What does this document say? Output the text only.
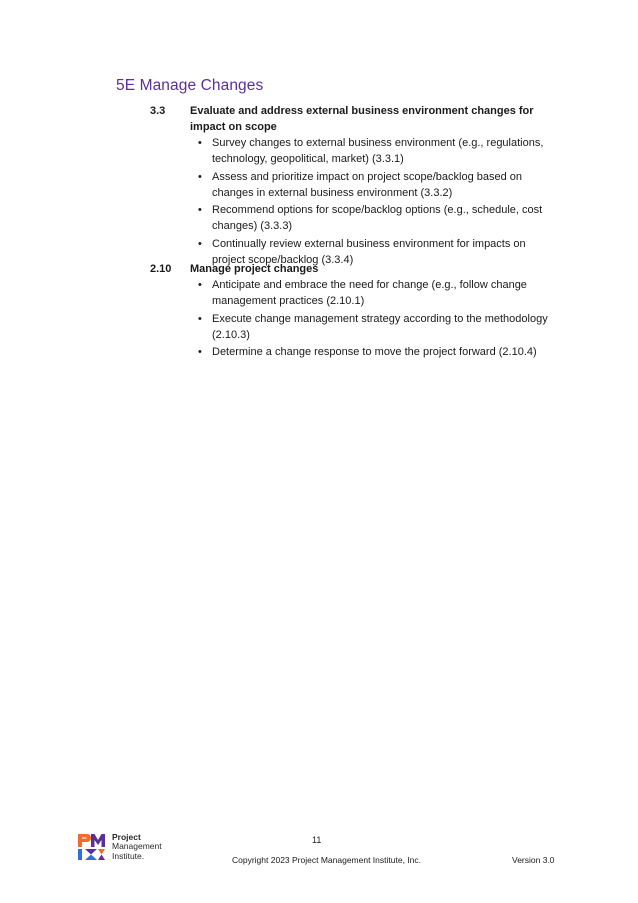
5E Manage Changes
3.3	Evaluate and address external business environment changes for impact on scope
• Survey changes to external business environment (e.g., regulations, technology, geopolitical, market) (3.3.1)
• Assess and prioritize impact on project scope/backlog based on changes in external business environment (3.3.2)
• Recommend options for scope/backlog options (e.g., schedule, cost changes) (3.3.3)
• Continually review external business environment for impacts on project scope/backlog (3.3.4)
2.10	Manage project changes
• Anticipate and embrace the need for change (e.g., follow change management practices (2.10.1)
• Execute change management strategy according to the methodology (2.10.3)
• Determine a change response to move the project forward (2.10.4)
Project
Management
Institute.
11
Copyright 2023 Project Management Institute, Inc.	Version 3.0
